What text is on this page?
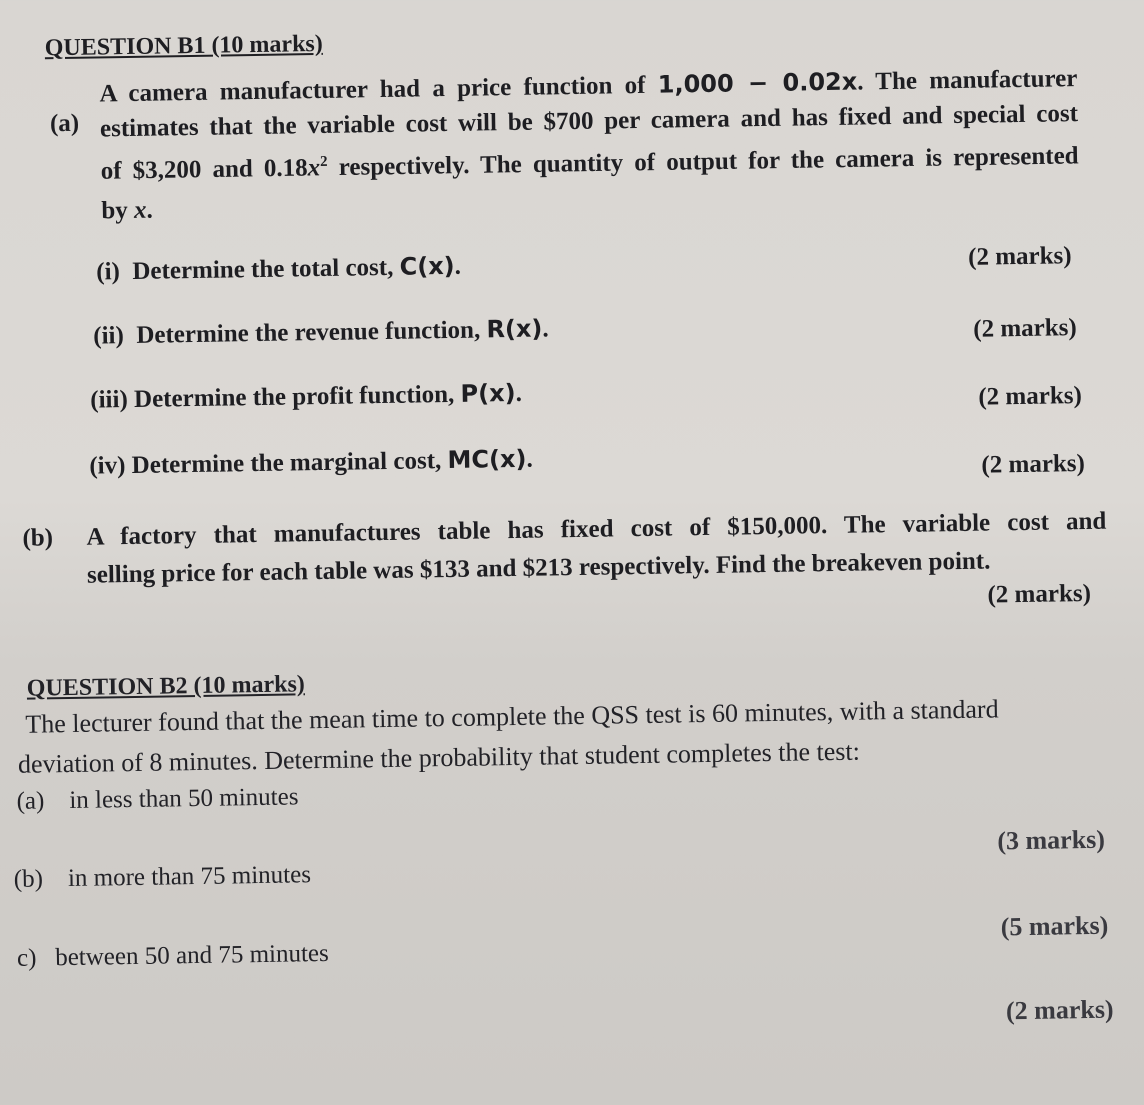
QUESTION B1 (10 marks)
(a)
A camera manufacturer had a price function of 1,000 − 0.02x. The manufacturer
estimates that the variable cost will be $700 per camera and has fixed and special cost
of $3,200 and $0.18x^2$ respectively. The quantity of output for the camera is represented
by x.
(i) Determine the total cost, C(x).	(2 marks)
(ii) Determine the revenue function, R(x).	(2 marks)
(iii) Determine the profit function, P(x).	(2 marks)
(iv) Determine the marginal cost, MC(x).	(2 marks)
(b) A factory that manufactures table has fixed cost of $150,000. The variable cost and
selling price for each table was $133 and $213 respectively. Find the breakeven point.
(2 marks)
QUESTION B2 (10 marks)
The lecturer found that the mean time to complete the QSS test is 60 minutes, with a standard
deviation of 8 minutes. Determine the probability that student completes the test:
(a) in less than 50 minutes
(3 marks)
(b) in more than 75 minutes
(5 marks)
c) between 50 and 75 minutes
(2 marks)
